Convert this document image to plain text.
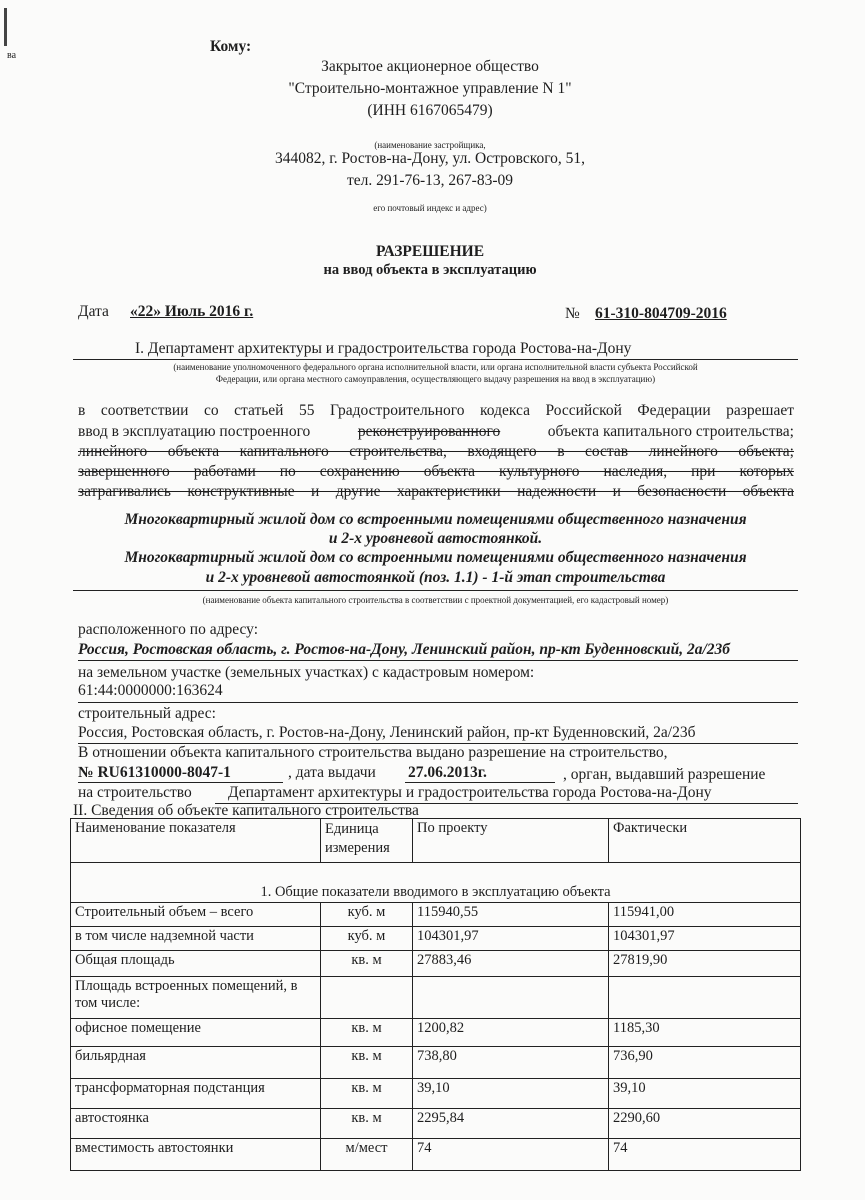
ва
Кому:
Закрытое акционерное общество
"Строительно-монтажное управление N 1"
(ИНН 6167065479)
(наименование застройщика,
344082, г. Ростов-на-Дону, ул. Островского, 51,
тел. 291-76-13, 267-83-09
его почтовый индекс и адрес)
РАЗРЕШЕНИЕ
на ввод объекта в эксплуатацию
Дата «22» Июль 2016 г.	№ 61-310-804709-2016
I. Департамент архитектуры и градостроительства города Ростова-на-Дону
(наименование уполномоченного федерального органа исполнительной власти, или органа исполнительной власти субъекта Российской
Федерации, или органа местного самоуправления, осуществляющего выдачу разрешения на ввод в эксплуатацию)
в соответствии со статьей 55 Градостроительного кодекса Российской Федерации разрешает
ввод в эксплуатацию построенного	реконструированного	объекта капитального строительства;
линейного объекта капитального строительства, входящего в состав линейного объекта;
завершенного работами по сохранению объекта культурного наследия, при которых
затрагивались конструктивные и другие характеристики надежности и безопасности объекта
Многоквартирный жилой дом со встроенными помещениями общественного назначения
и 2-х уровневой автостоянкой.
Многоквартирный жилой дом со встроенными помещениями общественного назначения
и 2-х уровневой автостоянкой (поз. 1.1) - 1-й этап строительства
(наименование объекта капитального строительства в соответствии с проектной документацией, его кадастровый номер)
расположенного по адресу:
Россия, Ростовская область, г. Ростов-на-Дону, Ленинский район, пр-кт Буденновский, 2а/23б
на земельном участке (земельных участках) с кадастровым номером:
61:44:0000000:163624
строительный адрес:
Россия, Ростовская область, г. Ростов-на-Дону, Ленинский район, пр-кт Буденновский, 2а/23б
В отношении объекта капитального строительства выдано разрешение на строительство,
№ RU61310000-8047-1	, дата выдачи 27.06.2013г.	, орган, выдавший разрешение
на строительство Департамент архитектуры и градостроительства города Ростова-на-Дону
II. Сведения об объекте капитального строительства
Наименование показателя	Единица измерения	По проекту	Фактически
1. Общие показатели вводимого в эксплуатацию объекта			
Строительный объем – всего	куб. м	115940,55	115941,00
в том числе надземной части	куб. м	104301,97	104301,97
Общая площадь	кв. м	27883,46	27819,90
Площадь встроенных помещений, в том числе:			
офисное помещение	кв. м	1200,82	1185,30
бильярдная	кв. м	738,80	736,90
трансформаторная подстанция	кв. м	39,10	39,10
автостоянка	кв. м	2295,84	2290,60
вместимость автостоянки	м/мест	74	74
